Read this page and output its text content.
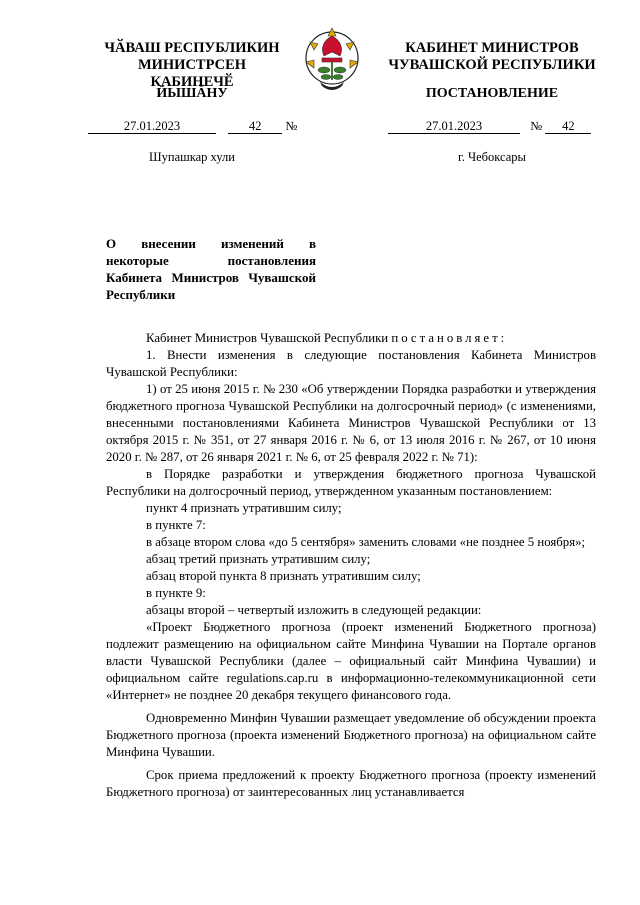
ЧӐВАШ РЕСПУБЛИКИН
МИНИСТРСЕН КАБИНЕЧӖ
ЙЫШӐНУ
КАБИНЕТ МИНИСТРОВ
ЧУВАШСКОЙ РЕСПУБЛИКИ
ПОСТАНОВЛЕНИЕ
27.01.2023	42 №	27.01.2023	№ 42
Шупашкар хули	г. Чебоксары
О внесении изменений в некоторые постановления Кабинета Министров Чувашской Республики

Кабинет Министров Чувашской Республики постановляет:

1. Внести изменения в следующие постановления Кабинета Министров Чувашской Республики:

1) от 25 июня 2015 г. № 230 «Об утверждении Порядка разработки и утверждения бюджетного прогноза Чувашской Республики на долгосрочный период» (с изменениями, внесенными постановлениями Кабинета Министров Чувашской Республики от 13 октября 2015 г. № 351, от 27 января 2016 г. № 6, от 13 июля 2016 г. № 267, от 10 июня 2020 г. № 287, от 26 января 2021 г. № 6, от 25 февраля 2022 г. № 71):

в Порядке разработки и утверждения бюджетного прогноза Чувашской Республики на долгосрочный период, утвержденном указанным постановлением:

пункт 4 признать утратившим силу;

в пункте 7:

в абзаце втором слова «до 5 сентября» заменить словами «не позднее 5 ноября»;

абзац третий признать утратившим силу;

абзац второй пункта 8 признать утратившим силу;

в пункте 9:

абзацы второй – четвертый изложить в следующей редакции:

«Проект Бюджетного прогноза (проект изменений Бюджетного прогноза) подлежит размещению на официальном сайте Минфина Чувашии на Портале органов власти Чувашской Республики (далее – официальный сайт Минфина Чувашии) и официальном сайте regulations.cap.ru в информационно-телекоммуникационной сети «Интернет» не позднее 20 декабря текущего финансового года.

Одновременно Минфин Чувашии размещает уведомление об обсуждении проекта Бюджетного прогноза (проекта изменений Бюджетного прогноза) на официальном сайте Минфина Чувашии.

Срок приема предложений к проекту Бюджетного прогноза (проекту изменений Бюджетного прогноза) от заинтересованных лиц устанавливается
